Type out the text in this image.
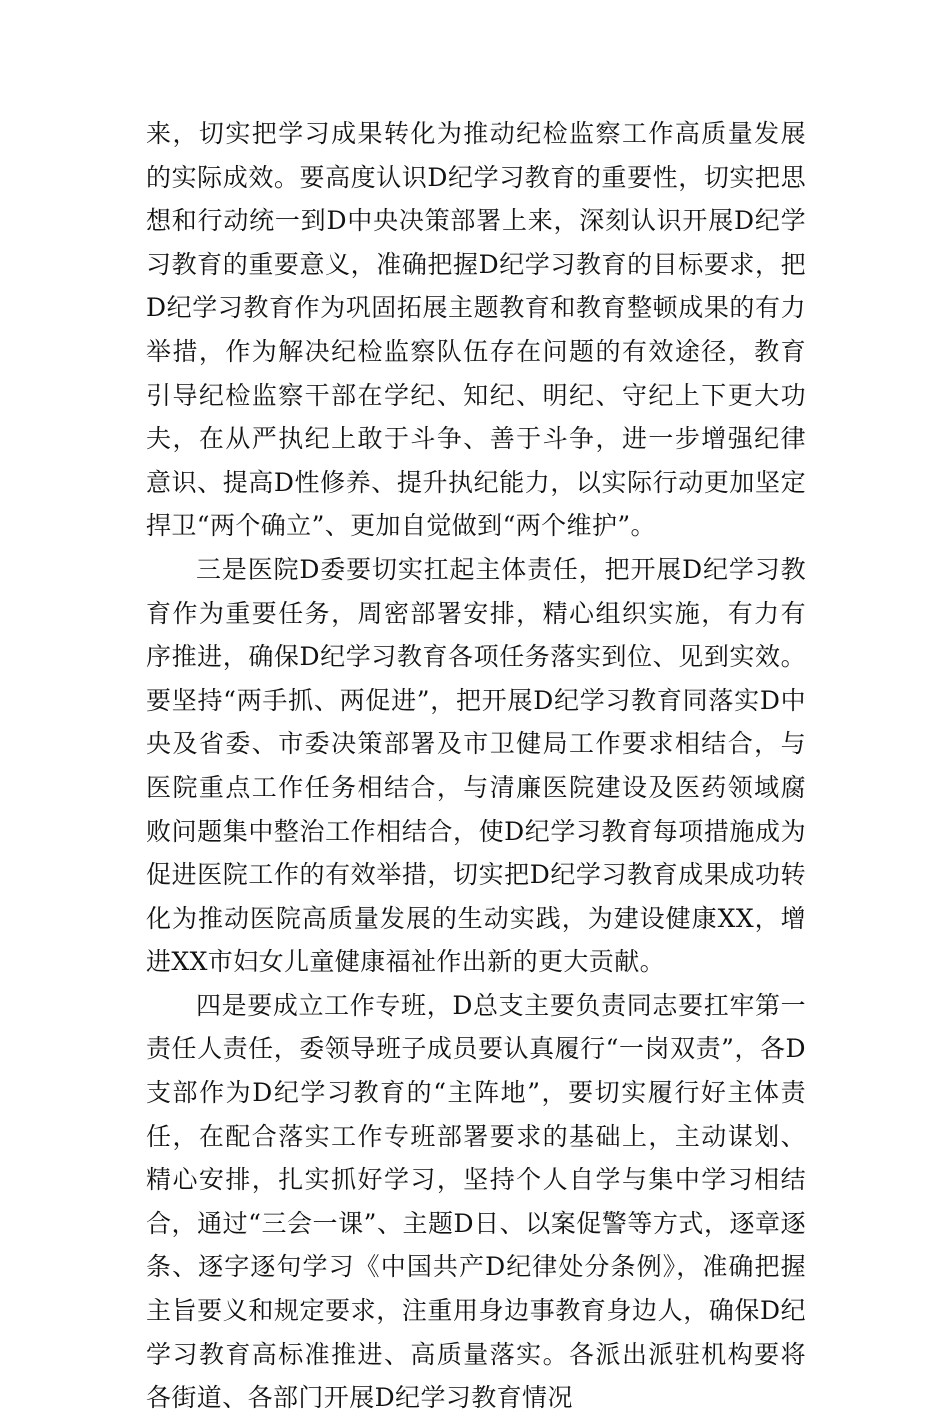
来，切实把学习成果转化为推动纪检监察工作高质量发展的实际成效。要高度认识D纪学习教育的重要性，切实把思想和行动统一到D中央决策部署上来，深刻认识开展D纪学习教育的重要意义，准确把握D纪学习教育的目标要求，把D纪学习教育作为巩固拓展主题教育和教育整顿成果的有力举措，作为解决纪检监察队伍存在问题的有效途径，教育引导纪检监察干部在学纪、知纪、明纪、守纪上下更大功夫，在从严执纪上敢于斗争、善于斗争，进一步增强纪律意识、提高D性修养、提升执纪能力，以实际行动更加坚定捍卫“两个确立”、更加自觉做到“两个维护”。

三是医院D委要切实扛起主体责任，把开展D纪学习教育作为重要任务，周密部署安排，精心组织实施，有力有序推进，确保D纪学习教育各项任务落实到位、见到实效。要坚持“两手抓、两促进”，把开展D纪学习教育同落实D中央及省委、市委决策部署及市卫健局工作要求相结合，与医院重点工作任务相结合，与清廉医院建设及医药领域腐败问题集中整治工作相结合，使D纪学习教育每项措施成为促进医院工作的有效举措，切实把D纪学习教育成果成功转化为推动医院高质量发展的生动实践，为建设健康XX，增进XX市妇女儿童健康福祉作出新的更大贡献。

四是要成立工作专班，D总支主要负责同志要扛牢第一责任人责任，委领导班子成员要认真履行“一岗双责”，各D支部作为D纪学习教育的“主阵地”，要切实履行好主体责任，在配合落实工作专班部署要求的基础上，主动谋划、精心安排，扎实抓好学习，坚持个人自学与集中学习相结合，通过“三会一课”、主题D日、以案促警等方式，逐章逐条、逐字逐句学习《中国共产D纪律处分条例》，准确把握主旨要义和规定要求，注重用身边事教育身边人，确保D纪学习教育高标准推进、高质量落实。各派出派驻机构要将各街道、各部门开展D纪学习教育情况
